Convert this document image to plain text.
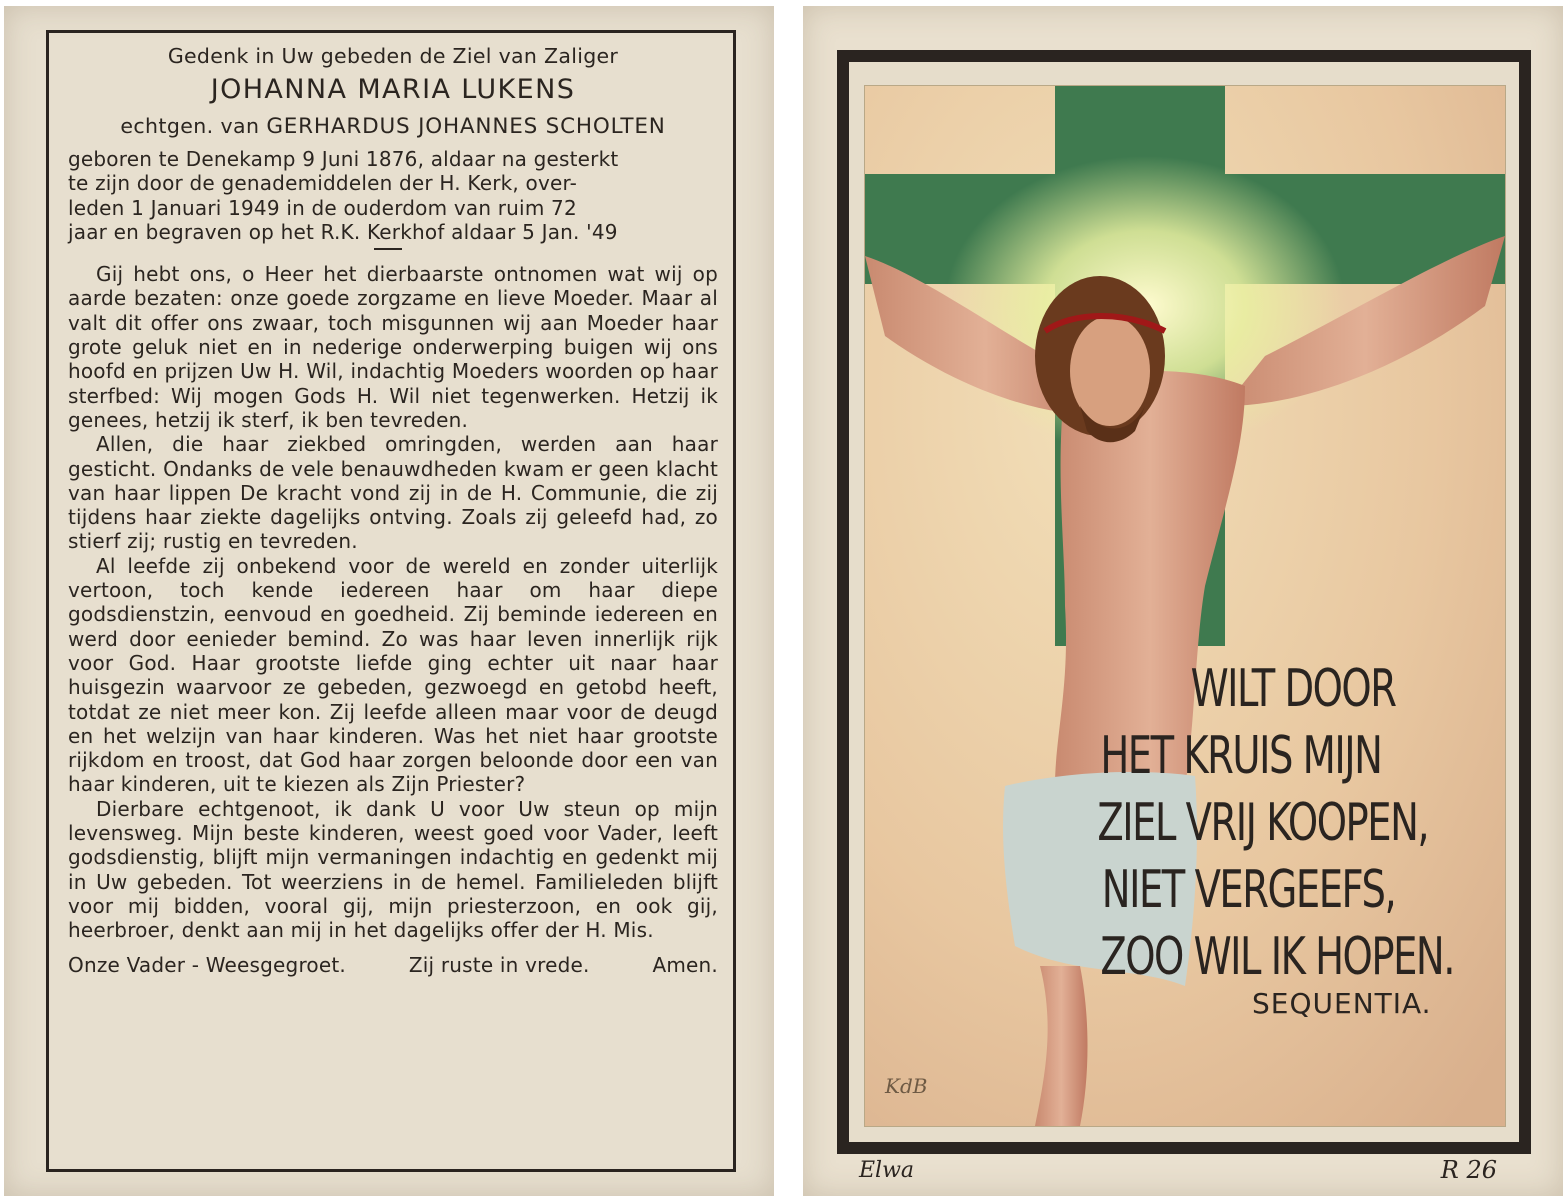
Gedenk in Uw gebeden de Ziel van Zaliger
JOHANNA MARIA LUKENS
echtgen. van GERHARDUS JOHANNES SCHOLTEN
geboren te Denekamp 9 Juni 1876, aldaar na gesterkt
te zijn door de genademiddelen der H. Kerk, over-
leden 1 Januari 1949 in de ouderdom van ruim 72
jaar en begraven op het R.K. Kerkhof aldaar 5 Jan. '49
Gij hebt ons, o Heer het dierbaarste ontnomen wat wij op aarde bezaten: onze goede zorgzame en lieve Moeder. Maar al valt dit offer ons zwaar, toch misgunnen wij aan Moeder haar grote geluk niet en in nederige onderwerping buigen wij ons hoofd en prijzen Uw H. Wil, indachtig Moeders woorden op haar sterfbed: Wij mogen Gods H. Wil niet tegenwerken. Hetzij ik genees, hetzij ik sterf, ik ben tevreden.
Allen, die haar ziekbed omringden, werden aan haar gesticht. Ondanks de vele benauwdheden kwam er geen klacht van haar lippen De kracht vond zij in de H. Communie, die zij tijdens haar ziekte dagelijks ontving. Zoals zij geleefd had, zo stierf zij; rustig en tevreden.
Al leefde zij onbekend voor de wereld en zonder uiterlijk vertoon, toch kende iedereen haar om haar diepe godsdienstzin, eenvoud en goedheid. Zij beminde iedereen en werd door eenieder bemind. Zo was haar leven innerlijk rijk voor God. Haar grootste liefde ging echter uit naar haar huisgezin waarvoor ze gebeden, gezwoegd en getobd heeft, totdat ze niet meer kon. Zij leefde alleen maar voor de deugd en het welzijn van haar kinderen. Was het niet haar grootste rijkdom en troost, dat God haar zorgen beloonde door een van haar kinderen, uit te kiezen als Zijn Priester?
Dierbare echtgenoot, ik dank U voor Uw steun op mijn levensweg. Mijn beste kinderen, weest goed voor Vader, leeft godsdienstig, blijft mijn vermaningen indachtig en gedenkt mij in Uw gebeden. Tot weerziens in de hemel. Familieleden blijft voor mij bidden, vooral gij, mijn priesterzoon, en ook gij, heerbroer, denkt aan mij in het dagelijks offer der H. Mis.
Onze Vader - Weesgegroet.	Zij ruste in vrede.	Amen.
WILT DOOR
HET KRUIS MIJN
ZIEL VRIJ KOOPEN,
NIET VERGEEFS,
ZOO WIL IK HOPEN.
SEQUENTIA.
KdB
Elwa	R 26
